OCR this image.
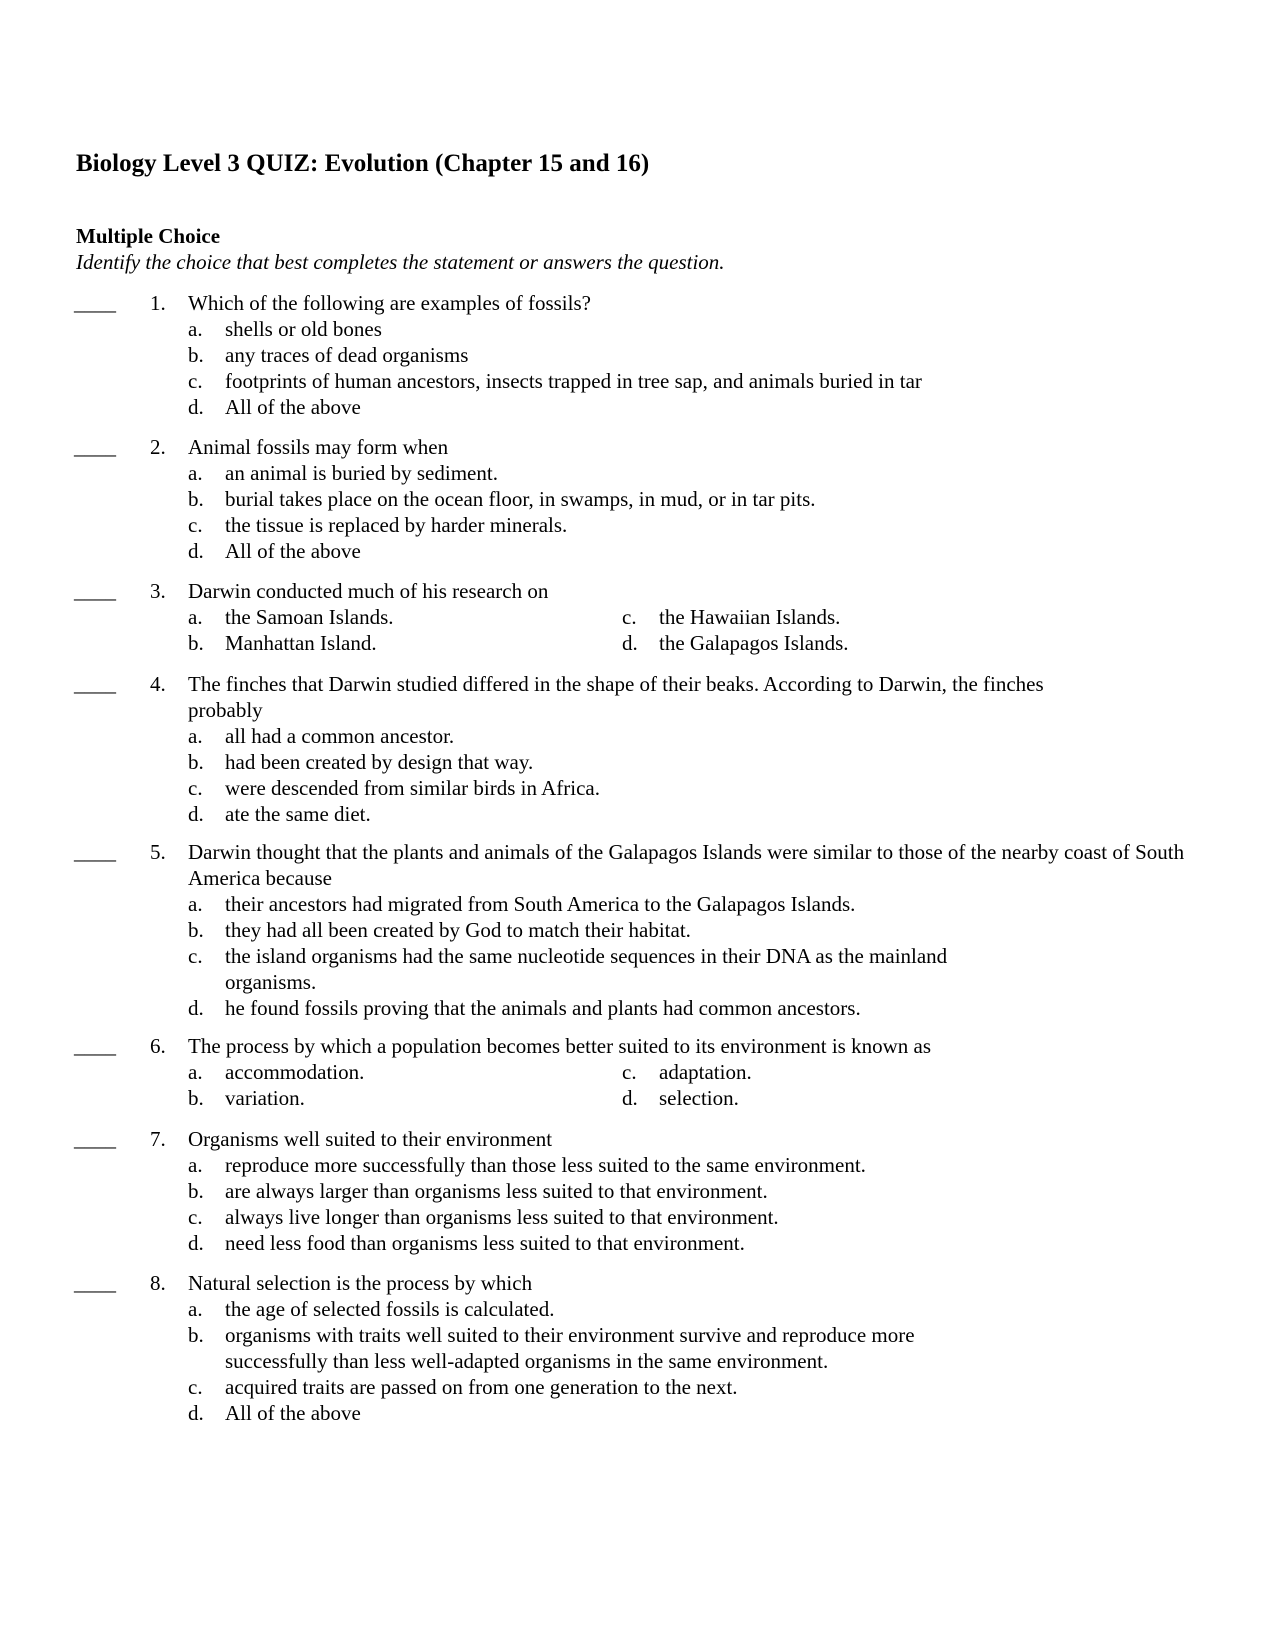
Biology Level 3 QUIZ: Evolution (Chapter 15 and 16)
Multiple Choice
Identify the choice that best completes the statement or answers the question.
____ 1. Which of the following are examples of fossils?
a. shells or old bones
b. any traces of dead organisms
c. footprints of human ancestors, insects trapped in tree sap, and animals buried in tar
d. All of the above
____ 2. Animal fossils may form when
a. an animal is buried by sediment.
b. burial takes place on the ocean floor, in swamps, in mud, or in tar pits.
c. the tissue is replaced by harder minerals.
d. All of the above
____ 3. Darwin conducted much of his research on
a. the Samoan Islands.
b. Manhattan Island.
c. the Hawaiian Islands.
d. the Galapagos Islands.
____ 4. The finches that Darwin studied differed in the shape of their beaks. According to Darwin, the finches probably
a. all had a common ancestor.
b. had been created by design that way.
c. were descended from similar birds in Africa.
d. ate the same diet.
____ 5. Darwin thought that the plants and animals of the Galapagos Islands were similar to those of the nearby coast of South America because
a. their ancestors had migrated from South America to the Galapagos Islands.
b. they had all been created by God to match their habitat.
c. the island organisms had the same nucleotide sequences in their DNA as the mainland organisms.
d. he found fossils proving that the animals and plants had common ancestors.
____ 6. The process by which a population becomes better suited to its environment is known as
a. accommodation.
b. variation.
c. adaptation.
d. selection.
____ 7. Organisms well suited to their environment
a. reproduce more successfully than those less suited to the same environment.
b. are always larger than organisms less suited to that environment.
c. always live longer than organisms less suited to that environment.
d. need less food than organisms less suited to that environment.
____ 8. Natural selection is the process by which
a. the age of selected fossils is calculated.
b. organisms with traits well suited to their environment survive and reproduce more successfully than less well-adapted organisms in the same environment.
c. acquired traits are passed on from one generation to the next.
d. All of the above
